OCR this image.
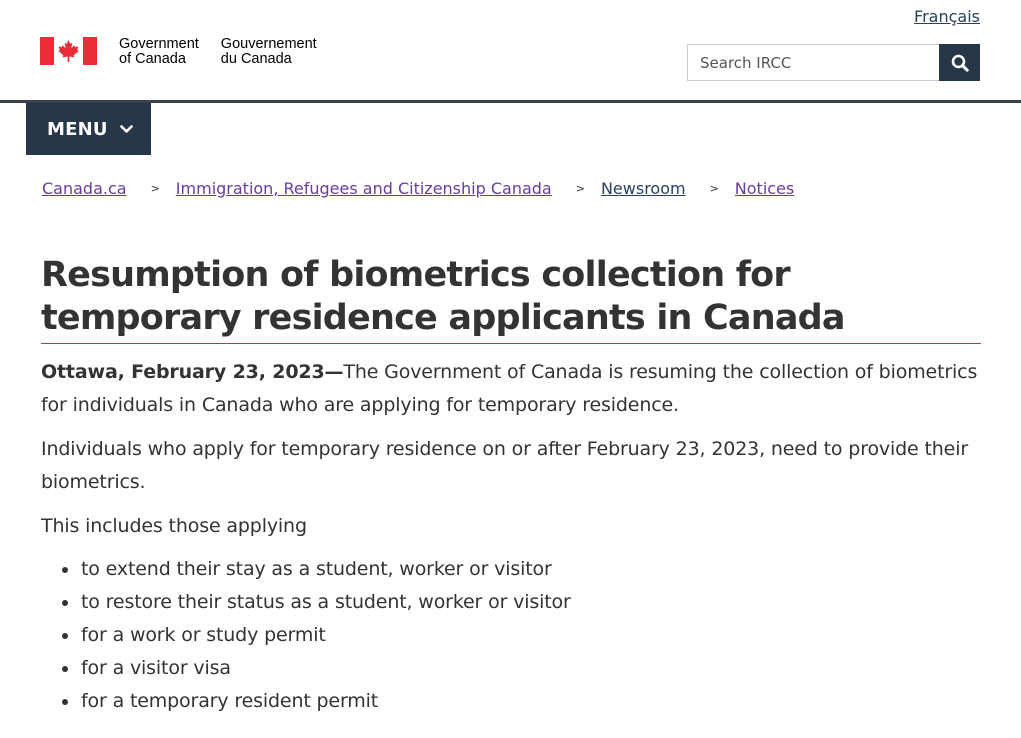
Français
Government
of Canada
Gouvernement
du Canada
Search IRCC
MENU
Canada.ca > Immigration, Refugees and Citizenship Canada > Newsroom > Notices
Resumption of biometrics collection for temporary residence applicants in Canada

Ottawa, February 23, 2023—The Government of Canada is resuming the collection of biometrics for individuals in Canada who are applying for temporary residence.

Individuals who apply for temporary residence on or after February 23, 2023, need to provide their biometrics.

This includes those applying

to extend their stay as a student, worker or visitor
to restore their status as a student, worker or visitor
for a work or study permit
for a visitor visa
for a temporary resident permit
